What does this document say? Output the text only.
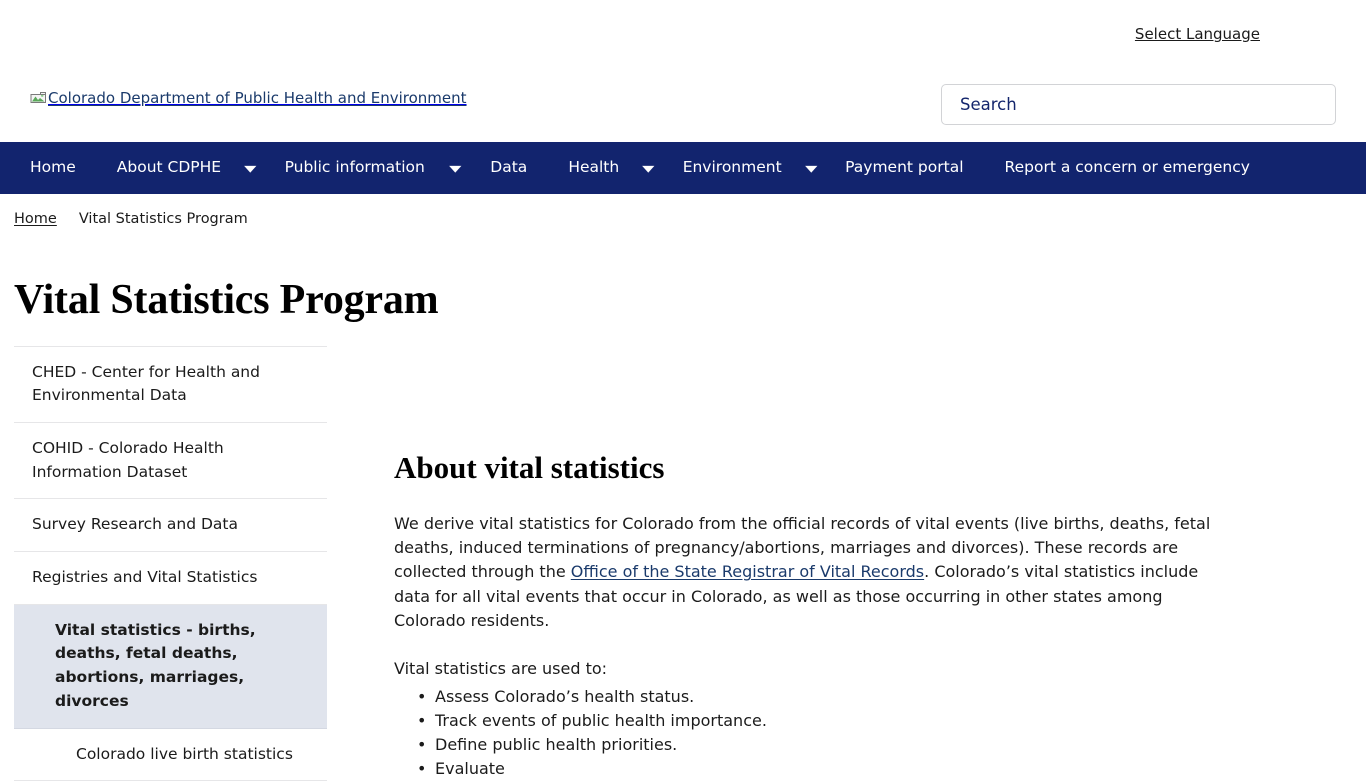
Select Language
Colorado Department of Public Health and Environment
Search
Home	About CDPHE ▼ Public information ▼ Data	Health ▼ Environment ▼ Payment portal	Report a concern or emergency
Home Vital Statistics Program
Vital Statistics Program
CHED - Center for Health and Environmental Data
COHID - Colorado Health Information Dataset
Survey Research and Data
Registries and Vital Statistics
Vital statistics - births, deaths, fetal deaths, abortions, marriages, divorces
Colorado live birth statistics
About vital statistics

We derive vital statistics for Colorado from the official records of vital events (live births, deaths, fetal deaths, induced terminations of pregnancy/abortions, marriages and divorces). These records are collected through the Office of the State Registrar of Vital Records. Colorado’s vital statistics include data for all vital events that occur in Colorado, as well as those occurring in other states among Colorado residents.

Vital statistics are used to:

• Assess Colorado’s health status.
• Track events of public health importance.
• Define public health priorities.
• Evaluate
